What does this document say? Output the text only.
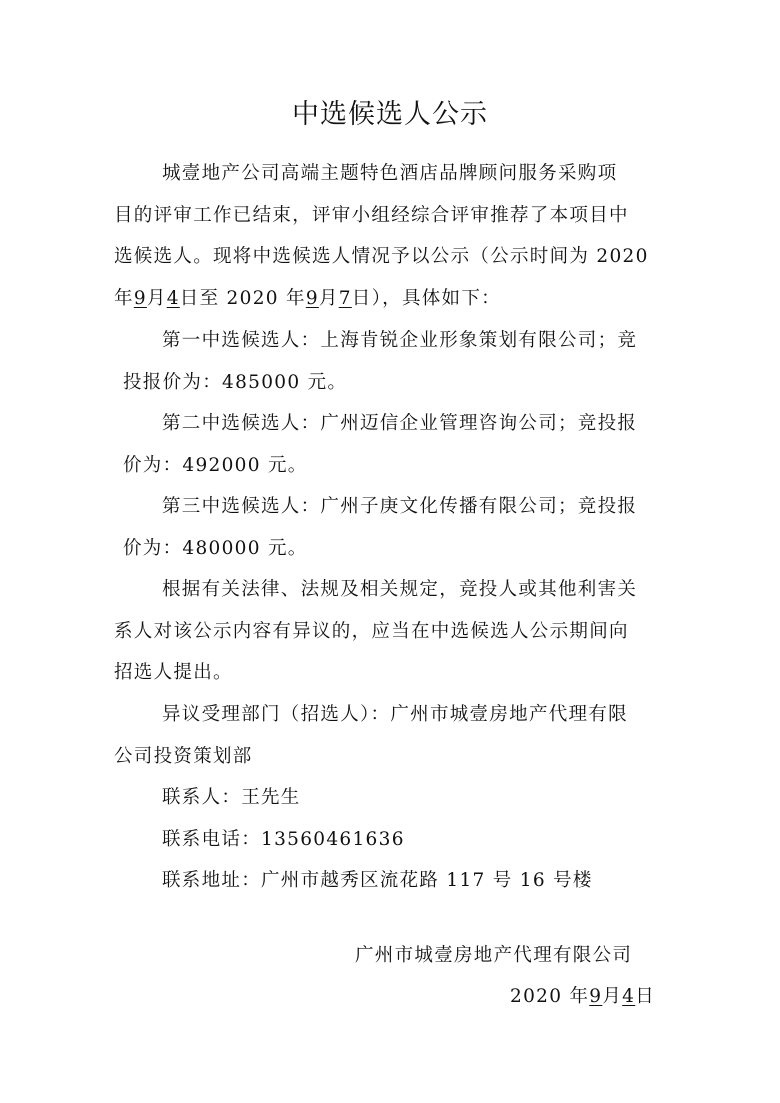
中选候选人公示
城壹地产公司高端主题特色酒店品牌顾问服务采购项
目的评审工作已结束，评审小组经综合评审推荐了本项目中
选候选人。现将中选候选人情况予以公示（公示时间为 2020
年9月4日至 2020 年9月7日），具体如下：
第一中选候选人：上海肯锐企业形象策划有限公司；竞
投报价为：485000 元。
第二中选候选人：广州迈信企业管理咨询公司；竞投报
价为：492000 元。
第三中选候选人：广州子庚文化传播有限公司；竞投报
价为：480000 元。
根据有关法律、法规及相关规定，竞投人或其他利害关
系人对该公示内容有异议的，应当在中选候选人公示期间向
招选人提出。
异议受理部门（招选人）：广州市城壹房地产代理有限
公司投资策划部
联系人：王先生
联系电话：13560461636
联系地址：广州市越秀区流花路 117 号 16 号楼
广州市城壹房地产代理有限公司
2020 年9月4日
